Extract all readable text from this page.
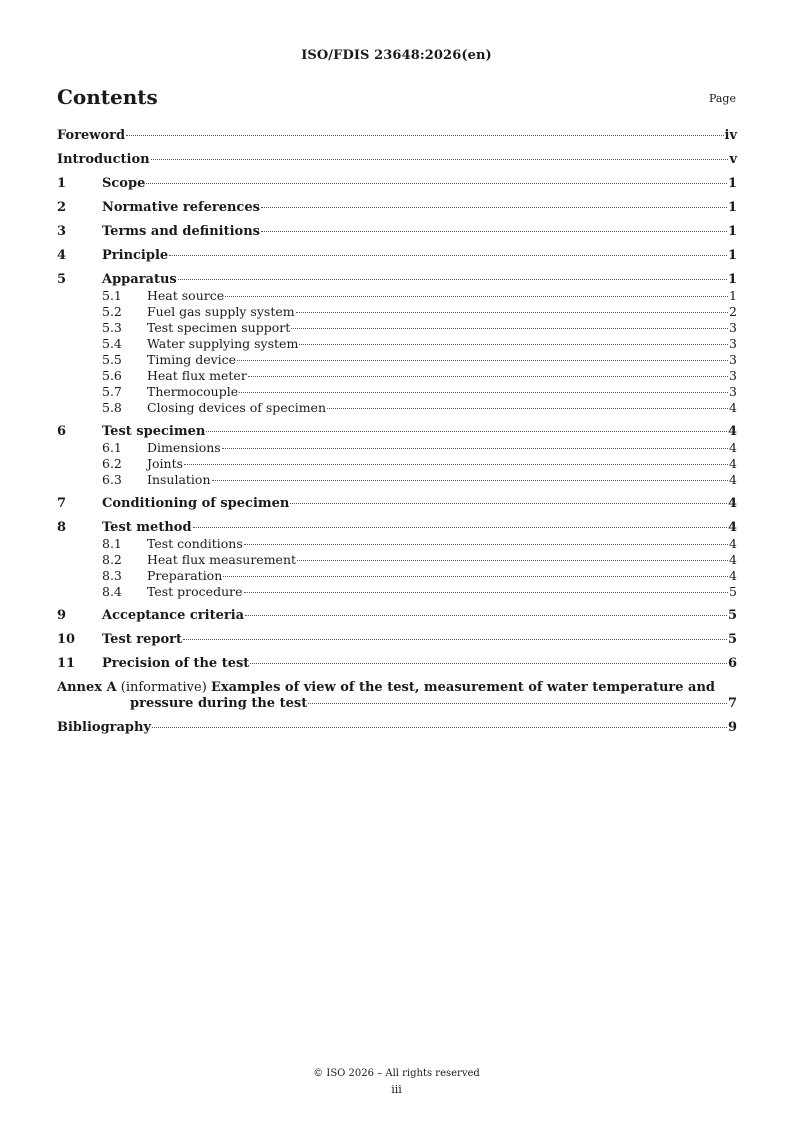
ISO/FDIS 23648:2026(en)
Contents	Page
Foreword	iv
Introduction	v
1	Scope	1
2	Normative references	1
3	Terms and definitions	1
4	Principle	1
5	Apparatus	1
5.1	Heat source	1
5.2	Fuel gas supply system	2
5.3	Test specimen support	3
5.4	Water supplying system	3
5.5	Timing device	3
5.6	Heat flux meter	3
5.7	Thermocouple	3
5.8	Closing devices of specimen	4
6	Test specimen	4
6.1	Dimensions	4
6.2	Joints	4
6.3	Insulation	4
7	Conditioning of specimen	4
8	Test method	4
8.1	Test conditions	4
8.2	Heat flux measurement	4
8.3	Preparation	4
8.4	Test procedure	5
9	Acceptance criteria	5
10	Test report	5
11	Precision of the test	6
Annex A (informative) Examples of view of the test, measurement of water temperature and
pressure during the test	7
Bibliography	9
© ISO 2026 – All rights reserved
iii
